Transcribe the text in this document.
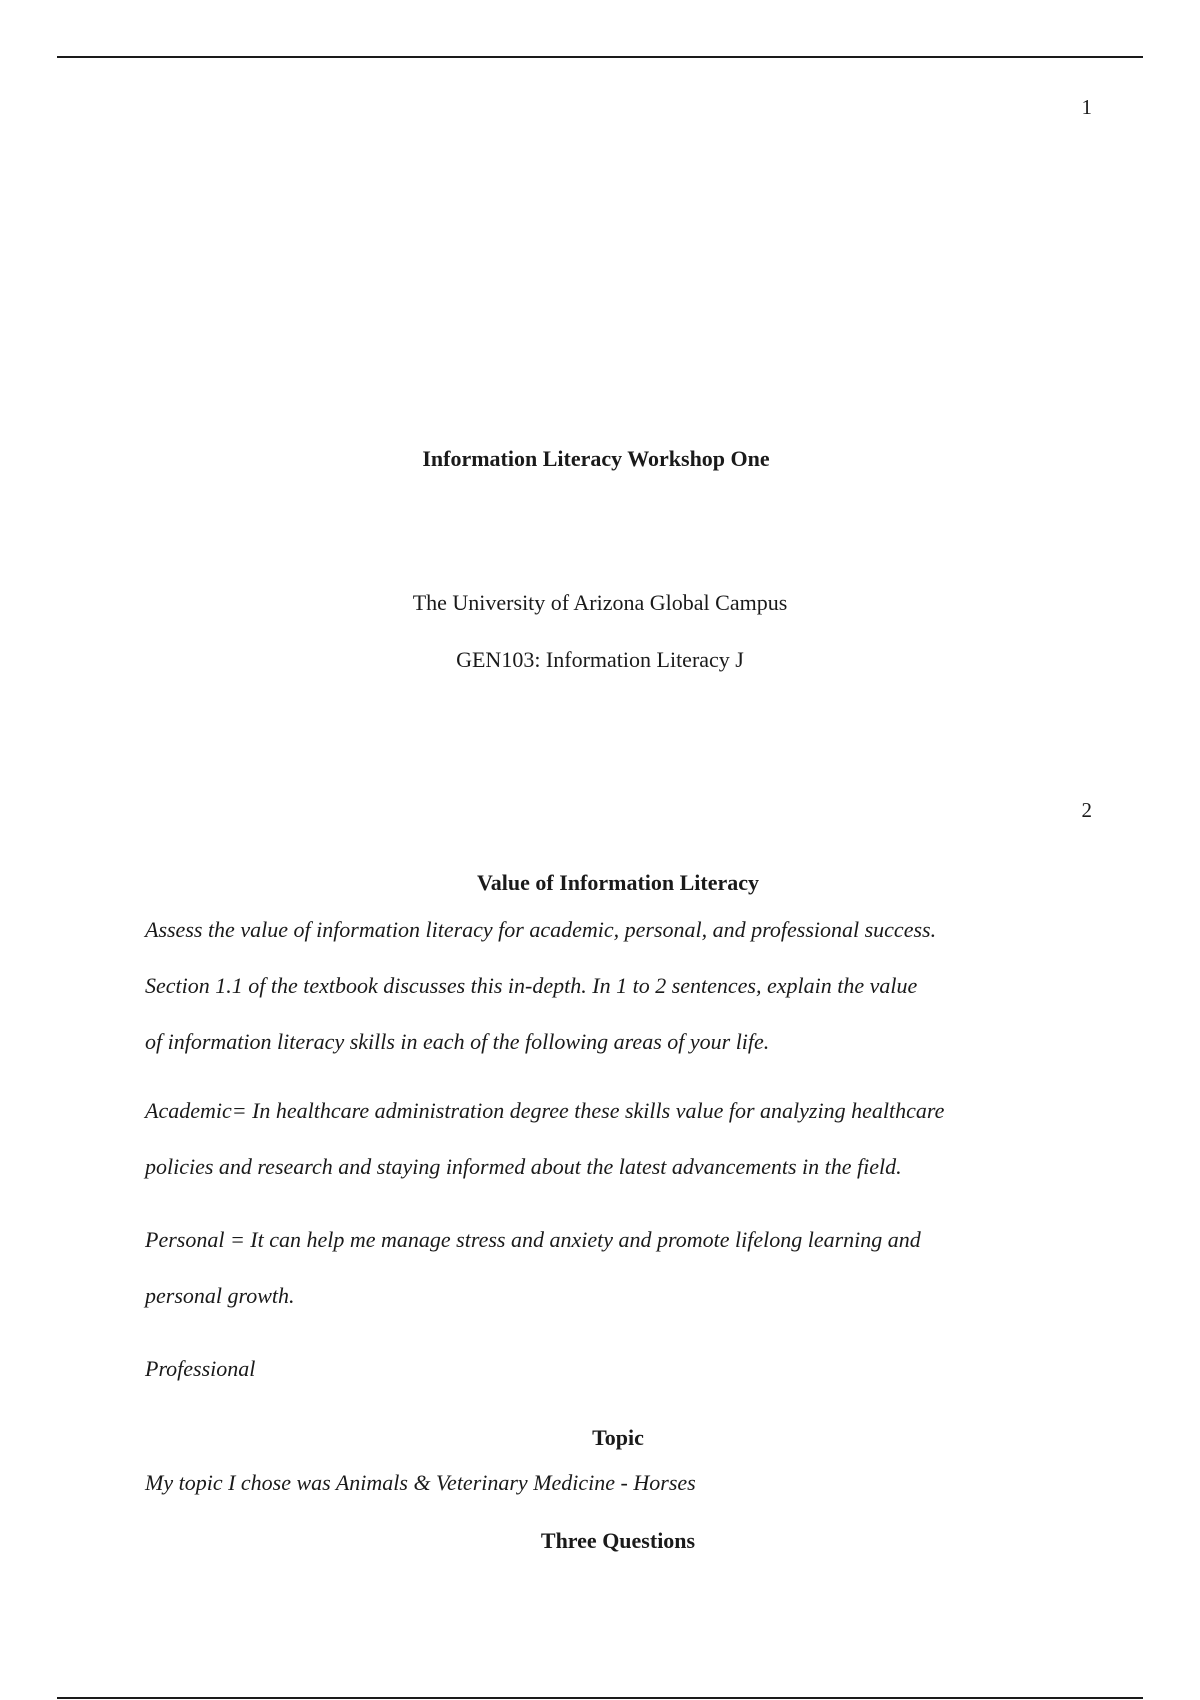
1
Information Literacy Workshop One
The University of Arizona Global Campus
GEN103: Information Literacy J
2
Value of Information Literacy
Assess the value of information literacy for academic, personal, and professional success.
Section 1.1 of the textbook discusses this in-depth. In 1 to 2 sentences, explain the value
of information literacy skills in each of the following areas of your life.
Academic= In healthcare administration degree these skills value for analyzing healthcare
policies and research and staying informed about the latest advancements in the field.
Personal = It can help me manage stress and anxiety and promote lifelong learning and
personal growth.
Professional
Topic
My topic I chose was Animals & Veterinary Medicine - Horses
Three Questions
